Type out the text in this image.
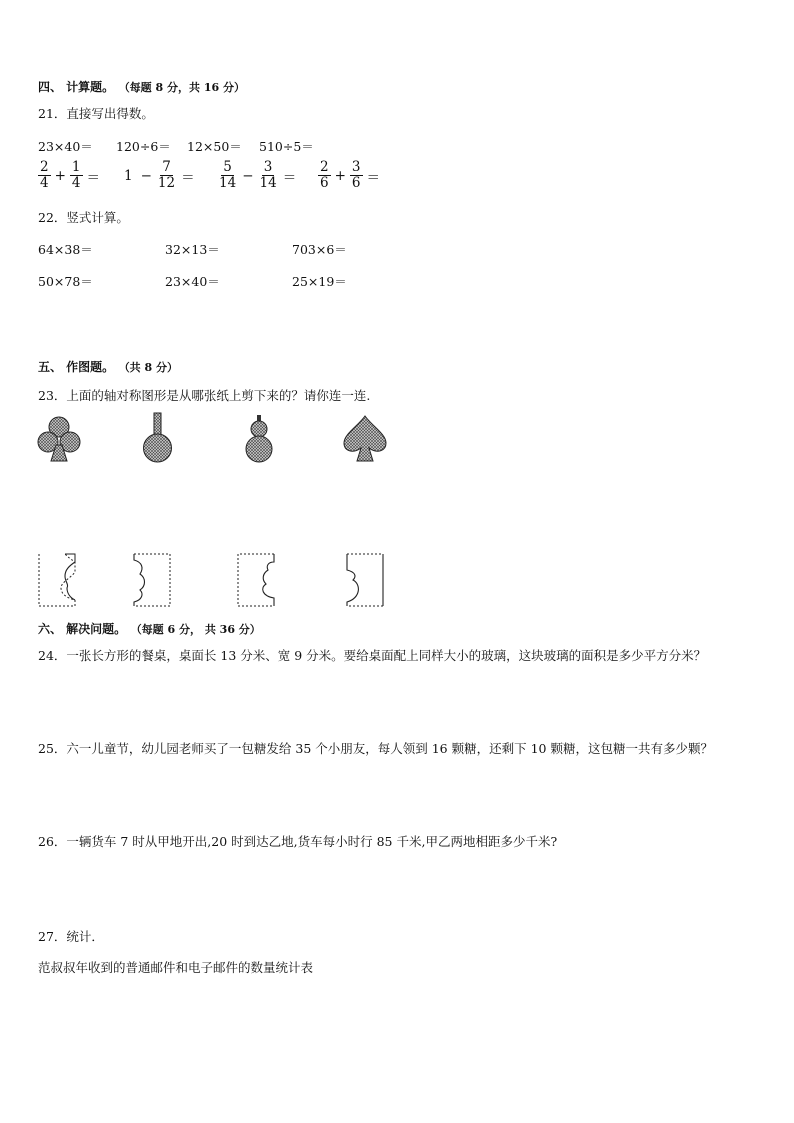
四、 计算题。 （每题 8 分，共 16 分）
21．直接写出得数。
23×40＝ 120÷6＝ 12×50＝ 510÷5＝
$\frac{2}{4} + \frac{1}{4} = 1 - \frac{7}{12} = \frac{5}{14} - \frac{3}{14} = \frac{2}{6} + \frac{3}{6}$ ＝
22．竖式计算。
64×38＝	32×13＝	703×6＝
50×78＝	23×40＝	25×19＝
五、 作图题。 （共 8 分）
23．上面的轴对称图形是从哪张纸上剪下来的？请你连一连.
六、 解决问题。 （每题 6 分， 共 36 分）
24．一张长方形的餐桌，桌面长 13 分米、宽 9 分米。要给桌面配上同样大小的玻璃，这块玻璃的面积是多少平方分米？
25．六一儿童节，幼儿园老师买了一包糖发给 35 个小朋友，每人领到 16 颗糖，还剩下 10 颗糖，这包糖一共有多少颗？
26．一辆货车 7 时从甲地开出,20 时到达乙地,货车每小时行 85 千米,甲乙两地相距多少千米?
27．统计．
范叔叔年收到的普通邮件和电子邮件的数量统计表
